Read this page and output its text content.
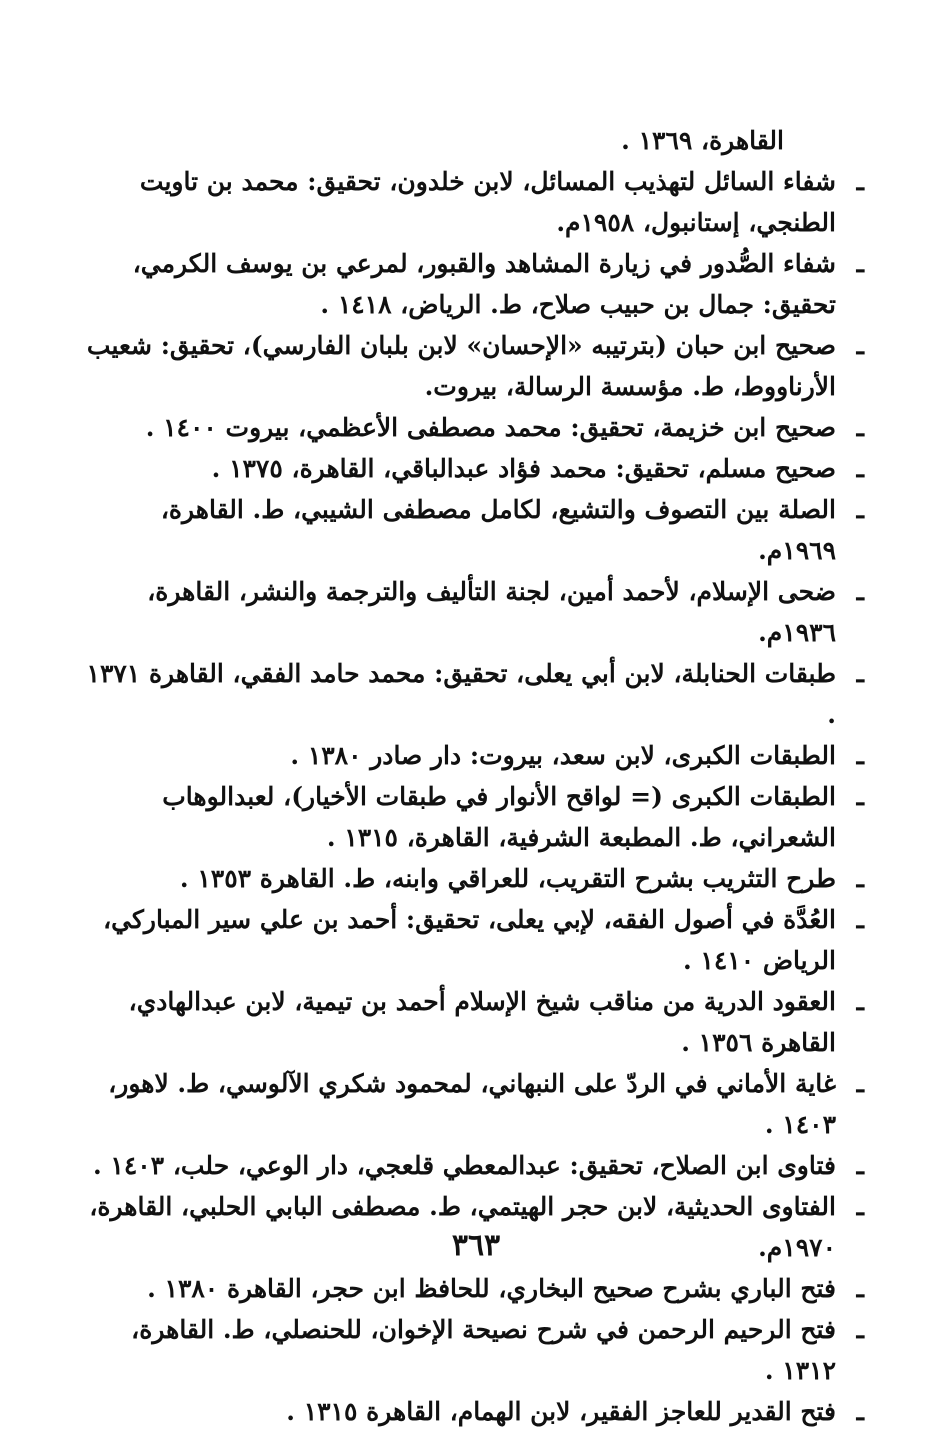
القاهرة، ١٣٦٩ .

ـشفاء السائل لتهذيب المسائل، لابن خلدون، تحقيق: محمد بن تاويت الطنجي، إستانبول، ١٩٥٨م.

ـشفاء الصُّدور في زيارة المشاهد والقبور، لمرعي بن يوسف الكرمي، تحقيق: جمال بن حبيب صلاح، ط. الرياض، ١٤١٨ .

ـصحيح ابن حبان (بترتيبه «الإحسان» لابن بلبان الفارسي)، تحقيق: شعيب الأرناووط، ط. مؤسسة الرسالة، بيروت.

ـصحيح ابن خزيمة، تحقيق: محمد مصطفى الأعظمي، بيروت ١٤٠٠ .

ـصحيح مسلم، تحقيق: محمد فؤاد عبدالباقي، القاهرة، ١٣٧٥ .

ـالصلة بين التصوف والتشيع، لكامل مصطفى الشيبي، ط. القاهرة، ١٩٦٩م.

ـضحى الإسلام، لأحمد أمين، لجنة التأليف والترجمة والنشر، القاهرة، ١٩٣٦م.

ـطبقات الحنابلة، لابن أبي يعلى، تحقيق: محمد حامد الفقي، القاهرة ١٣٧١ .

ـالطبقات الكبرى، لابن سعد، بيروت: دار صادر ١٣٨٠ .

ـالطبقات الكبرى (= لواقح الأنوار في طبقات الأخيار)، لعبدالوهاب الشعراني، ط. المطبعة الشرفية، القاهرة، ١٣١٥ .

ـطرح التثريب بشرح التقريب، للعراقي وابنه، ط. القاهرة ١٣٥٣ .

ـالعُدَّة في أصول الفقه، لإبي يعلى، تحقيق: أحمد بن علي سير المباركي، الرياض ١٤١٠ .

ـالعقود الدرية من مناقب شيخ الإسلام أحمد بن تيمية، لابن عبدالهادي، القاهرة ١٣٥٦ .

ـغاية الأماني في الردّ على النبهاني، لمحمود شكري الآلوسي، ط. لاهور، ١٤٠٣ .

ـفتاوى ابن الصلاح، تحقيق: عبدالمعطي قلعجي، دار الوعي، حلب، ١٤٠٣ .

ـالفتاوى الحديثية، لابن حجر الهيتمي، ط. مصطفى البابي الحلبي، القاهرة، ١٩٧٠م.

ـفتح الباري بشرح صحيح البخاري، للحافظ ابن حجر، القاهرة ١٣٨٠ .

ـفتح الرحيم الرحمن في شرح نصيحة الإخوان، للحنصلي، ط. القاهرة، ١٣١٢ .

ـفتح القدير للعاجز الفقير، لابن الهمام، القاهرة ١٣١٥ .

٣٦٣
